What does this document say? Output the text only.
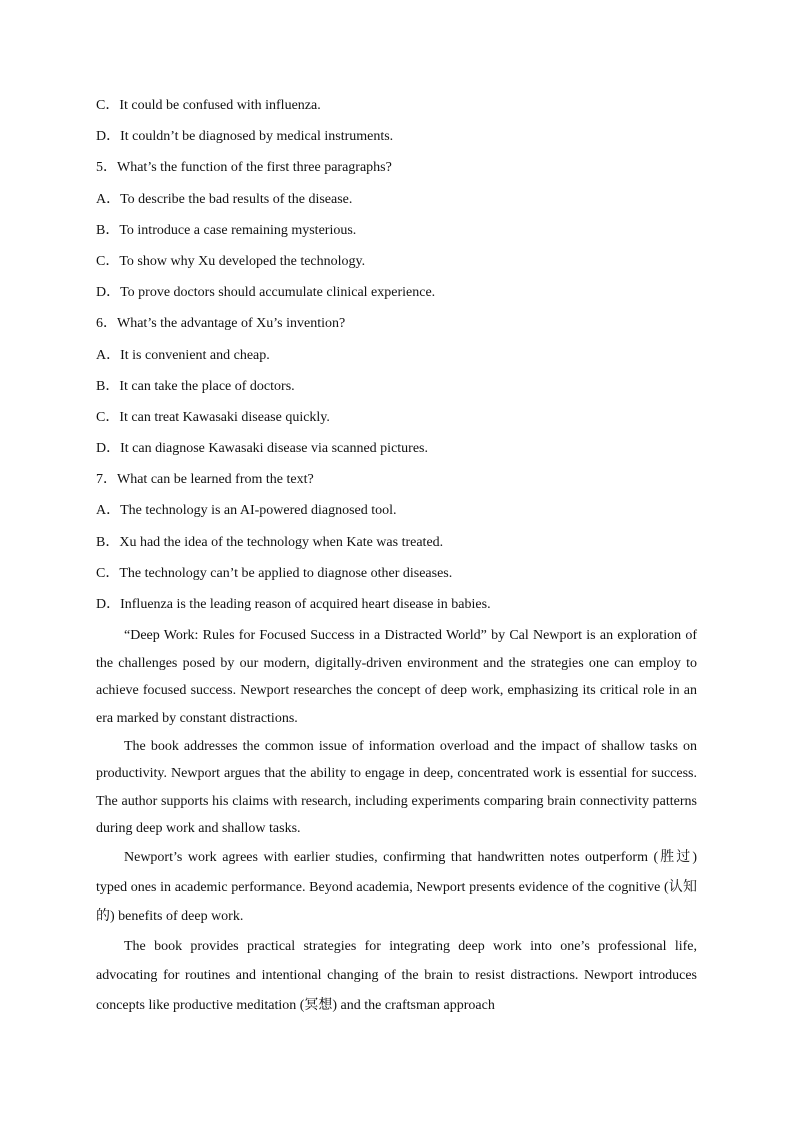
C．It could be confused with influenza.
D．It couldn’t be diagnosed by medical instruments.
5．What’s the function of the first three paragraphs?
A．To describe the bad results of the disease.
B．To introduce a case remaining mysterious.
C．To show why Xu developed the technology.
D．To prove doctors should accumulate clinical experience.
6．What’s the advantage of Xu’s invention?
A．It is convenient and cheap.
B．It can take the place of doctors.
C．It can treat Kawasaki disease quickly.
D．It can diagnose Kawasaki disease via scanned pictures.
7．What can be learned from the text?
A．The technology is an AI-powered diagnosed tool.
B．Xu had the idea of the technology when Kate was treated.
C．The technology can’t be applied to diagnose other diseases.
D．Influenza is the leading reason of acquired heart disease in babies.

“Deep Work: Rules for Focused Success in a Distracted World” by Cal Newport is an exploration of the challenges posed by our modern, digitally-driven environment and the strategies one can employ to achieve focused success. Newport researches the concept of deep work, emphasizing its critical role in an era marked by constant distractions.

The book addresses the common issue of information overload and the impact of shallow tasks on productivity. Newport argues that the ability to engage in deep, concentrated work is essential for success. The author supports his claims with research, including experiments comparing brain connectivity patterns during deep work and shallow tasks.

Newport’s work agrees with earlier studies, confirming that handwritten notes outperform (胜过) typed ones in academic performance. Beyond academia, Newport presents evidence of the cognitive (认知的) benefits of deep work.

The book provides practical strategies for integrating deep work into one’s professional life, advocating for routines and intentional changing of the brain to resist distractions. Newport introduces concepts like productive meditation (冥想) and the craftsman approach
